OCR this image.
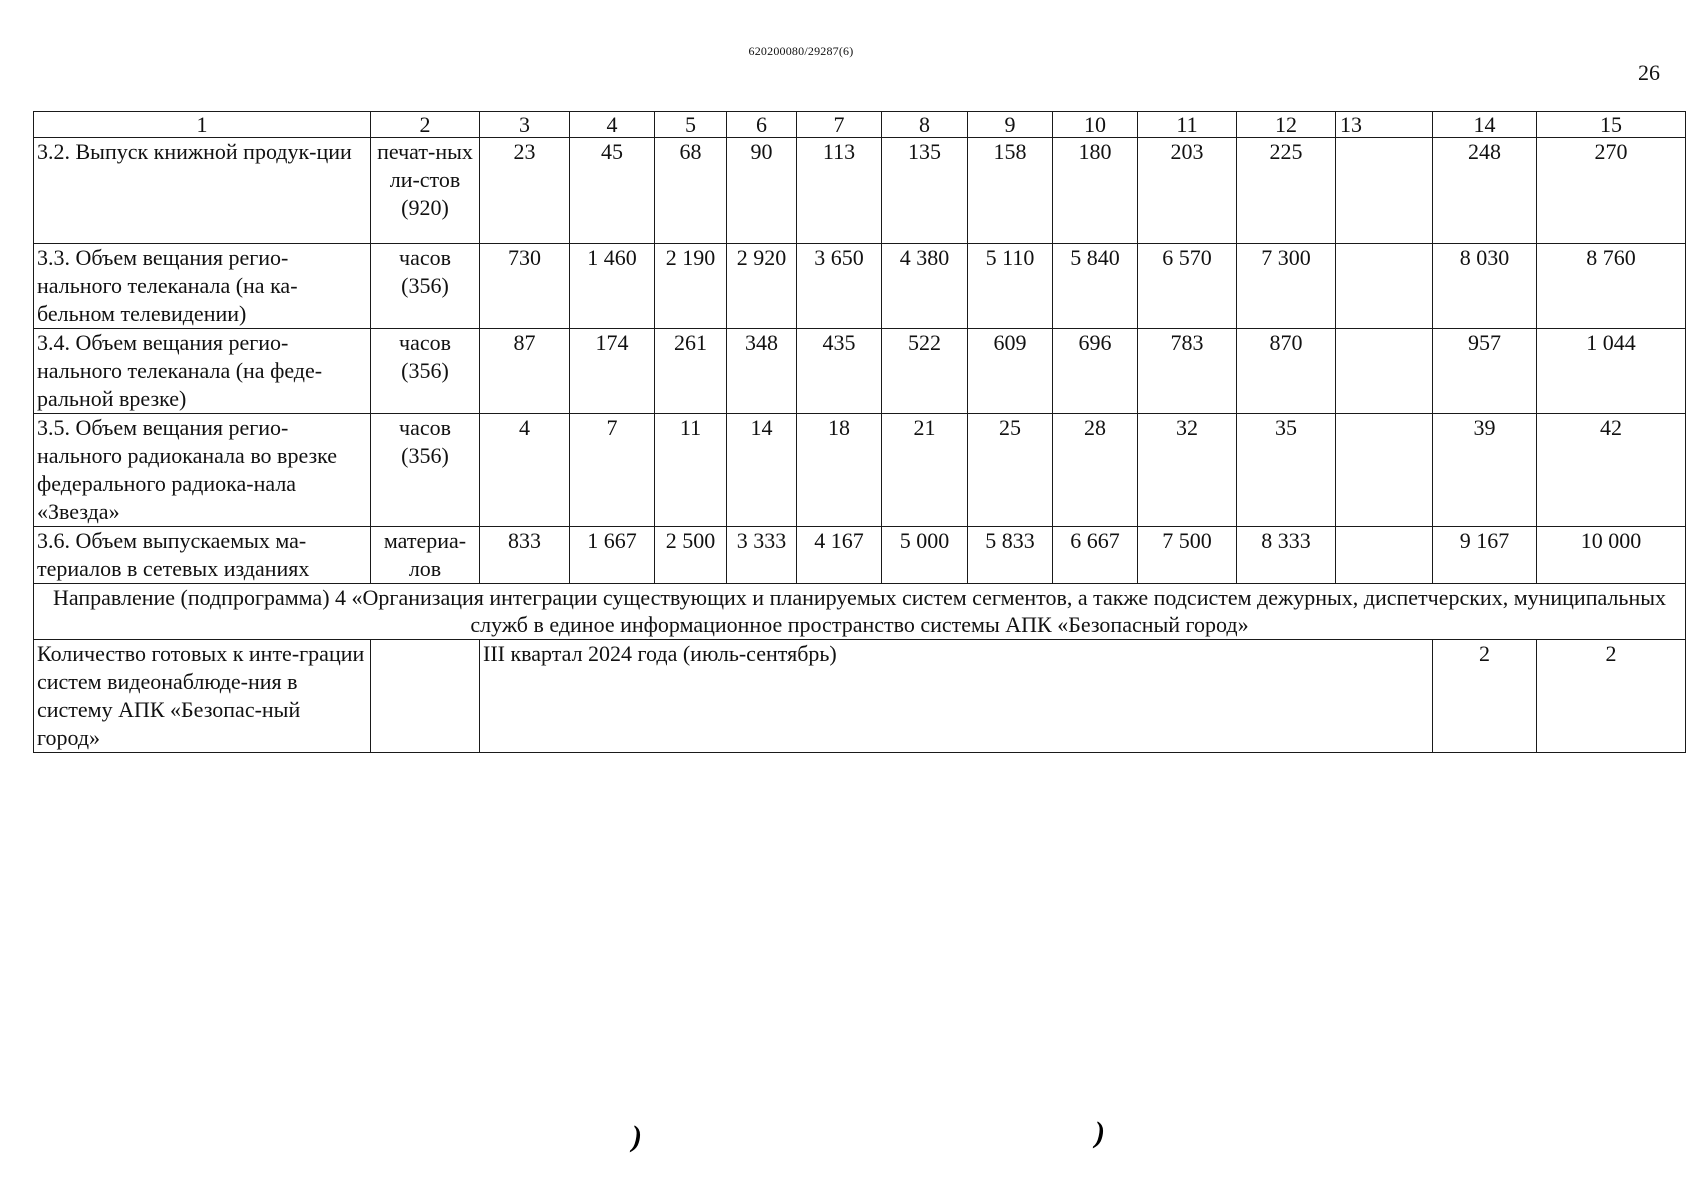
620200080/29287(6)
26
1	2	3	4	5	6	7	8	9	10	11	12	13	14	15
3.2. Выпуск книжной продук-ции	печат-ных ли-стов (920)	23	45	68	90	113	135	158	180	203	225		248	270
3.3. Объем вещания регио-нального телеканала (на ка-бельном телевидении)	часов (356)	730	1 460	2 190	2 920	3 650	4 380	5 110	5 840	6 570	7 300		8 030	8 760
3.4. Объем вещания регио-нального телеканала (на феде-ральной врезке)	часов (356)	87	174	261	348	435	522	609	696	783	870		957	1 044
3.5. Объем вещания регио-нального радиоканала во врезке федерального радиока-нала «Звезда»	часов (356)	4	7	11	14	18	21	25	28	32	35		39	42
3.6. Объем выпускаемых ма-териалов в сетевых изданиях	материа-лов	833	1 667	2 500	3 333	4 167	5 000	5 833	6 667	7 500	8 333		9 167	10 000
Направление (подпрограмма) 4 «Организация интеграции существующих и планируемых систем сегментов, а также подсистем дежурных, диспетчерских, муниципальных служб в единое информационное пространство системы АПК «Безопасный город»														
Количество готовых к инте-грации систем видеонаблюде-ния в систему АПК «Безопас-ный город»		III квартал 2024 года (июль-сентябрь)											2	2
)	)
